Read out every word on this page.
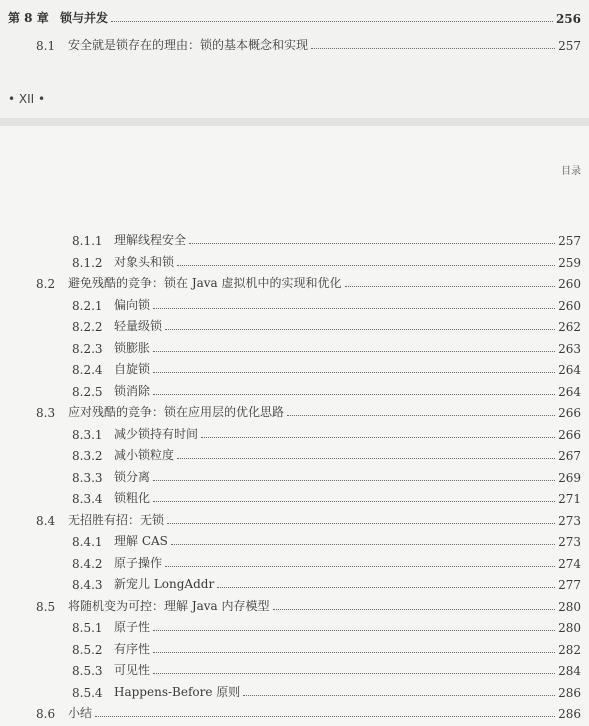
第 8 章 锁与并发	256
8.1	安全就是锁存在的理由：锁的基本概念和实现	257
• XII •
8.1.1 理解线程安全	257
8.1.2 对象头和锁	259
8.2	避免残酷的竞争：锁在 Java 虚拟机中的实现和优化	260
8.2.1 偏向锁	260
8.2.2 轻量级锁	262
8.2.3 锁膨胀	263
8.2.4 自旋锁	264
8.2.5 锁消除	264
8.3	应对残酷的竞争：锁在应用层的优化思路	266
8.3.1 减少锁持有时间	266
8.3.2 减小锁粒度	267
8.3.3 锁分离	269
8.3.4 锁粗化	271
8.4	无招胜有招：无锁	273
8.4.1 理解 CAS	273
8.4.2 原子操作	274
8.4.3 新宠儿 LongAddr	277
8.5	将随机变为可控：理解 Java 内存模型	280
8.5.1 原子性	280
8.5.2 有序性	282
8.5.3 可见性	284
8.5.4 Happens-Before 原则	286
8.6	小结	286
目录
